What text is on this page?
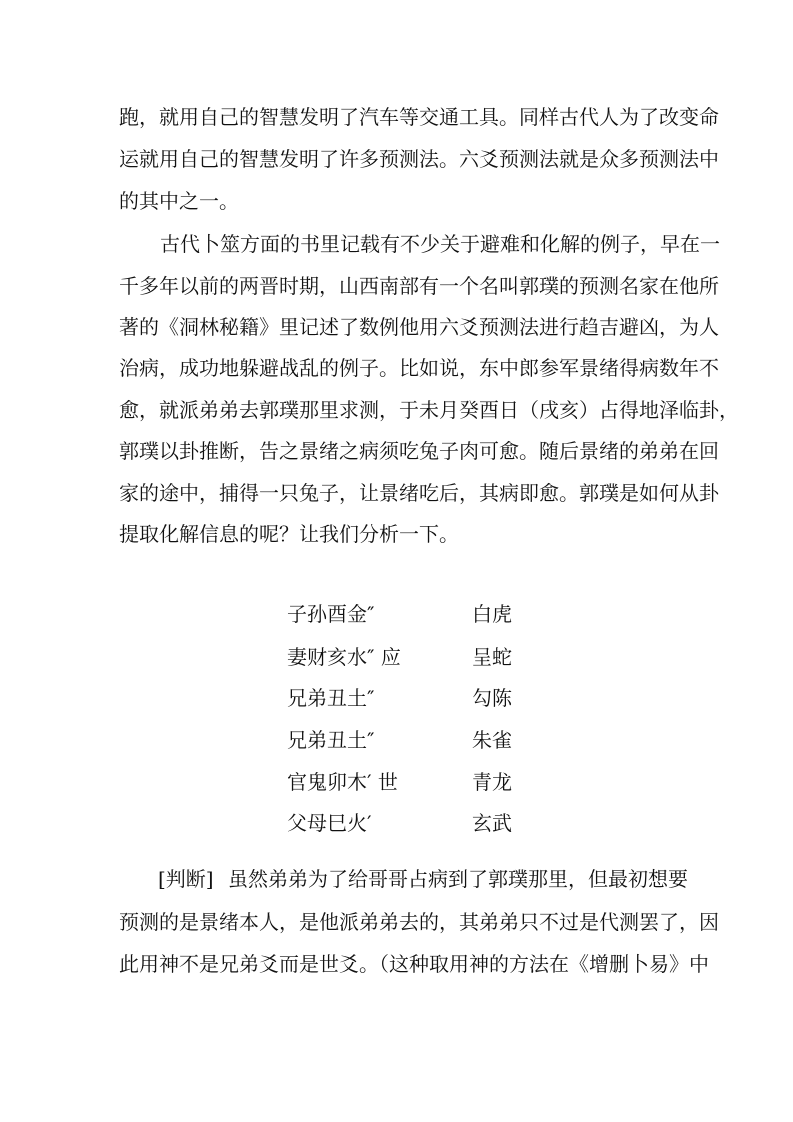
跑，就用自己的智慧发明了汽车等交通工具。同样古代人为了改变命
运就用自己的智慧发明了许多预测法。六爻预测法就是众多预测法中
的其中之一。
古代卜筮方面的书里记载有不少关于避难和化解的例子，早在一
千多年以前的两晋时期，山西南部有一个名叫郭璞的预测名家在他所
著的《洞林秘籍》里记述了数例他用六爻预测法进行趋吉避凶，为人
治病，成功地躲避战乱的例子。比如说，东中郎参军景绪得病数年不
愈，就派弟弟去郭璞那里求测，于未月癸酉日（戌亥）占得地泽临卦，
郭璞以卦推断，告之景绪之病须吃兔子肉可愈。随后景绪的弟弟在回
家的途中，捕得一只兔子，让景绪吃后，其病即愈。郭璞是如何从卦
提取化解信息的呢？让我们分析一下。
子孙酉金″	白虎
妻财亥水″ 应	呈蛇
兄弟丑土″	勾陈
兄弟丑土″	朱雀
官鬼卯木′ 世	青龙
父母巳火′	玄武
[判断] 虽然弟弟为了给哥哥占病到了郭璞那里，但最初想要
预测的是景绪本人，是他派弟弟去的，其弟弟只不过是代测罢了，因
此用神不是兄弟爻而是世爻。（这种取用神的方法在《增删卜易》中
